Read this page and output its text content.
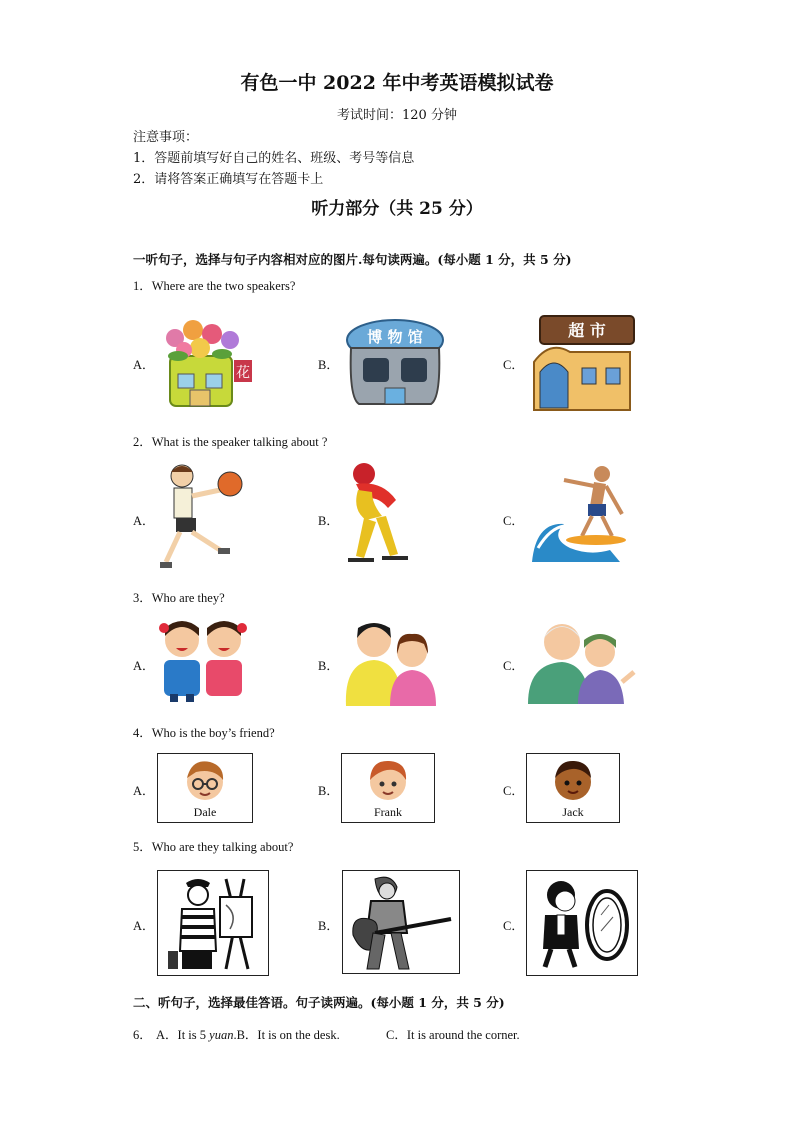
有色一中 2022 年中考英语模拟试卷
考试时间：120 分钟
注意事项：
1．答题前填写好自己的姓名、班级、考号等信息
2．请将答案正确填写在答题卡上
听力部分（共 25 分）
一听句子，选择与句子内容相对应的图片.每句读两遍。(每小题 1 分，共 5 分)
1．Where are the two speakers?
A．	B．	C．
花
博 物 馆	超 市
2．What is the speaker talking about ?
A．	B．	C．
3．Who are they?
A．	B．	C．
4．Who is the boy’s friend?
A．	B．	C．
Dale	Frank	Jack
5．Who are they talking about?
A．	B．	C．
二、听句子，选择最佳答语。句子读两遍。(每小题 1 分，共 5 分)
6． A．It is 5 yuan.B．It is on the desk.	C．It is around the corner.
